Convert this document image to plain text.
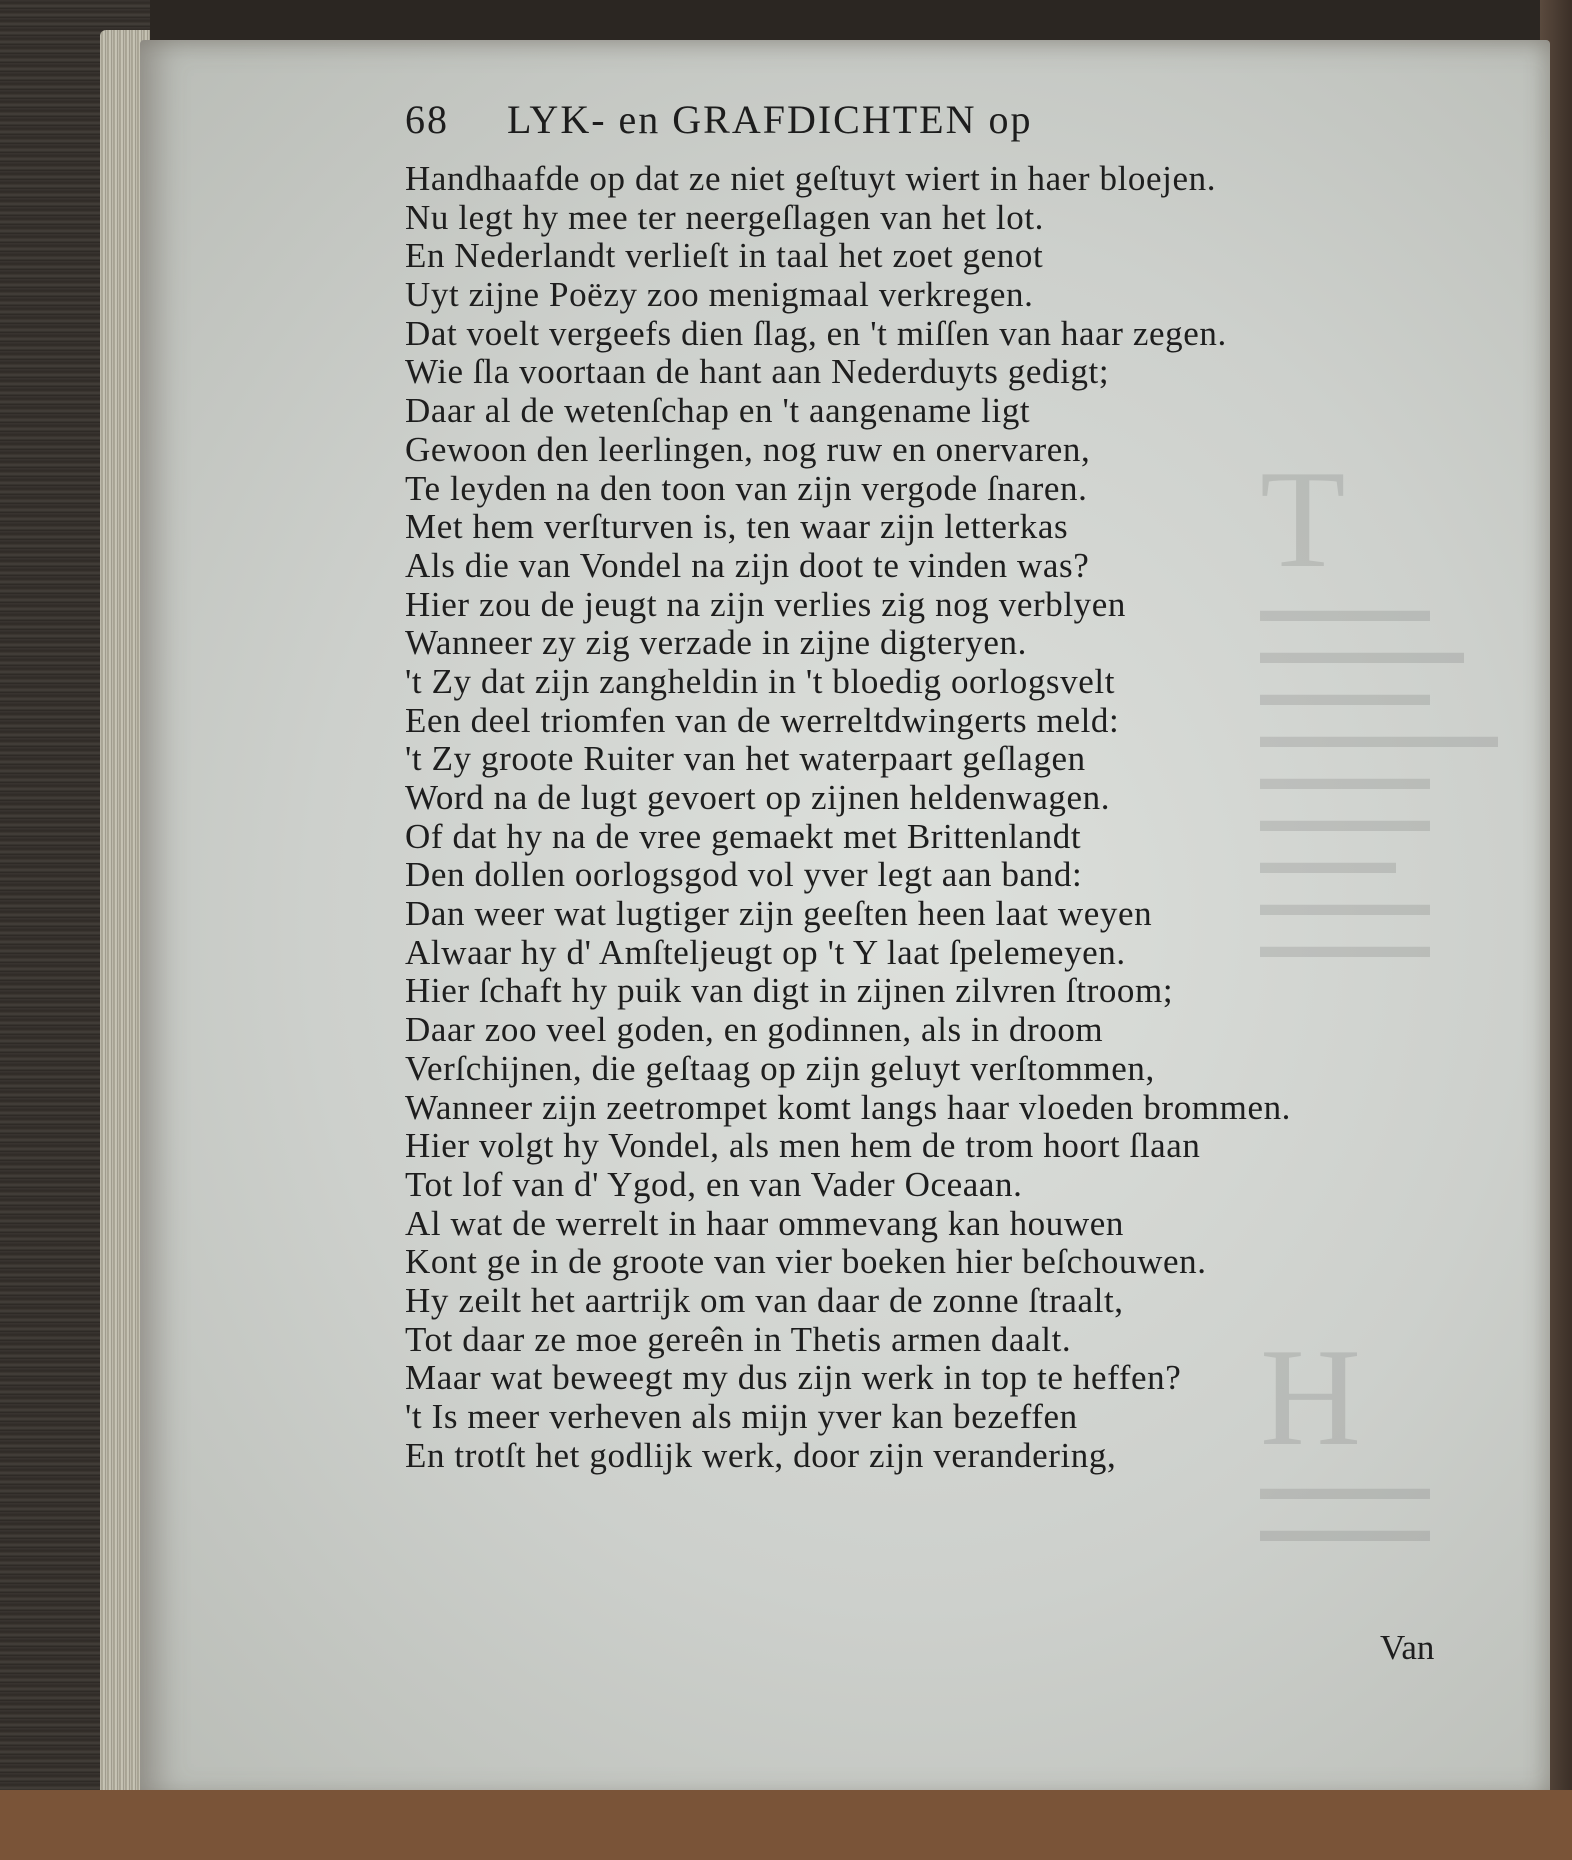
68 LYK- en GRAFDICHTEN op
Handhaafde op dat ze niet geſtuyt wiert in haer bloejen.
Nu legt hy mee ter neergeſlagen van het lot.
En Nederlandt verlieſt in taal het zoet genot
Uyt zijne Poëzy zoo menigmaal verkregen.
Dat voelt vergeefs dien ſlag, en 't miſſen van haar zegen.
Wie ſla voortaan de hant aan Nederduyts gedigt;
Daar al de wetenſchap en 't aangename ligt
Gewoon den leerlingen, nog ruw en onervaren,
Te leyden na den toon van zijn vergode ſnaren.
Met hem verſturven is, ten waar zijn letterkas
Als die van Vondel na zijn doot te vinden was?
Hier zou de jeugt na zijn verlies zig nog verblyen
Wanneer zy zig verzade in zijne digteryen.
't Zy dat zijn zangheldin in 't bloedig oorlogsvelt
Een deel triomfen van de werreltdwingerts meld:
't Zy groote Ruiter van het waterpaart geſlagen
Word na de lugt gevoert op zijnen heldenwagen.
Of dat hy na de vree gemaekt met Brittenlandt
Den dollen oorlogsgod vol yver legt aan band:
Dan weer wat lugtiger zijn geeſten heen laat weyen
Alwaar hy d' Amſteljeugt op 't Y laat ſpelemeyen.
Hier ſchaft hy puik van digt in zijnen zilvren ſtroom;
Daar zoo veel goden, en godinnen, als in droom
Verſchijnen, die geſtaag op zijn geluyt verſtommen,
Wanneer zijn zeetrompet komt langs haar vloeden brommen.
Hier volgt hy Vondel, als men hem de trom hoort ſlaan
Tot lof van d' Ygod, en van Vader Oceaan.
Al wat de werrelt in haar ommevang kan houwen
Kont ge in de groote van vier boeken hier beſchouwen.
Hy zeilt het aartrijk om van daar de zonne ſtraalt,
Tot daar ze moe gereên in Thetis armen daalt.
Maar wat beweegt my dus zijn werk in top te heffen?
't Is meer verheven als mijn yver kan bezeffen
En trotſt het godlijk werk, door zijn verandering,
Van
